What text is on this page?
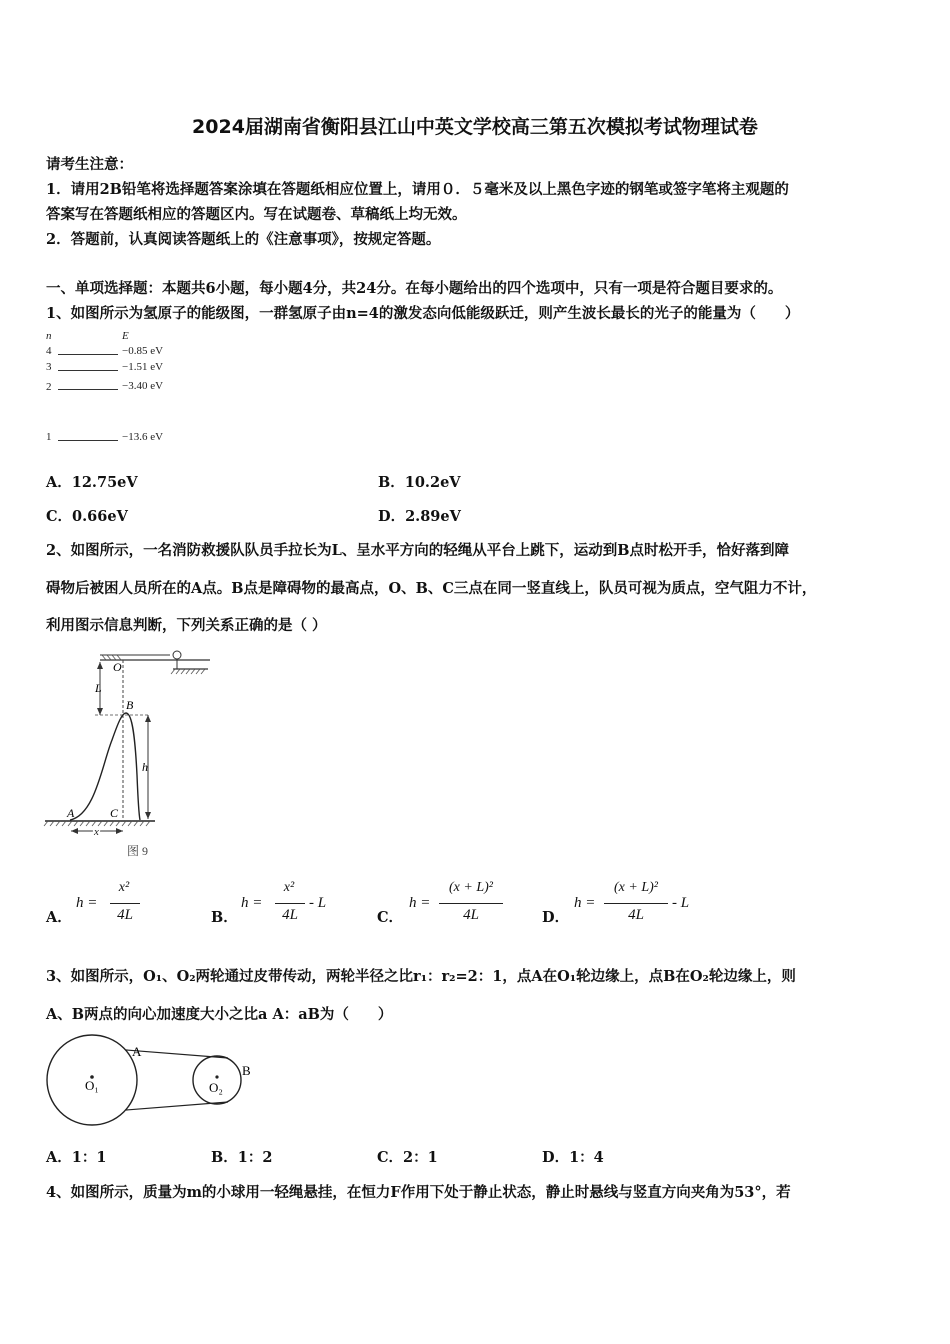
2024届湖南省衡阳县江山中英文学校高三第五次模拟考试物理试卷
请考生注意：
1．请用2B铅笔将选择题答案涂填在答题纸相应位置上，请用０．５毫米及以上黑色字迹的钢笔或签字笔将主观题的
答案写在答题纸相应的答题区内。写在试题卷、草稿纸上均无效。
2．答题前，认真阅读答题纸上的《注意事项》，按规定答题。
一、单项选择题：本题共6小题，每小题4分，共24分。在每小题给出的四个选项中，只有一项是符合题目要求的。
1、如图所示为氢原子的能级图，一群氢原子由n=4的激发态向低能级跃迁，则产生波长最长的光子的能量为（　　）
n	E
4	−0.85 eV
3	−1.51 eV
2	−3.40 eV
1	−13.6 eV
A．12.75eV	B．10.2eV
C．0.66eV	D．2.89eV
2、如图所示，一名消防救援队队员手拉长为L、呈水平方向的轻绳从平台上跳下，运动到B点时松开手，恰好落到障
碍物后被困人员所在的A点。B点是障碍物的最高点，O、B、C三点在同一竖直线上，队员可视为质点，空气阻力不计，
利用图示信息判断，下列关系正确的是（ ）
O
L
B
h
A	C
x
图 9
A．
h =
x²
4L	B．
h =
x²
4L
- L
C．
h =
(x + L)²
4L	D．
h =
(x + L)²
4L
- L
3、如图所示，O₁、O₂两轮通过皮带传动，两轮半径之比r₁：r₂=2：1，点A在O₁轮边缘上，点B在O₂轮边缘上，则
A、B两点的向心加速度大小之比a A：aB为（　　）
O₁	O₂
A
B
A．1：1	B．1：2	C．2：1	D．1：4
4、如图所示，质量为m的小球用一轻绳悬挂，在恒力F作用下处于静止状态，静止时悬线与竖直方向夹角为53°，若
